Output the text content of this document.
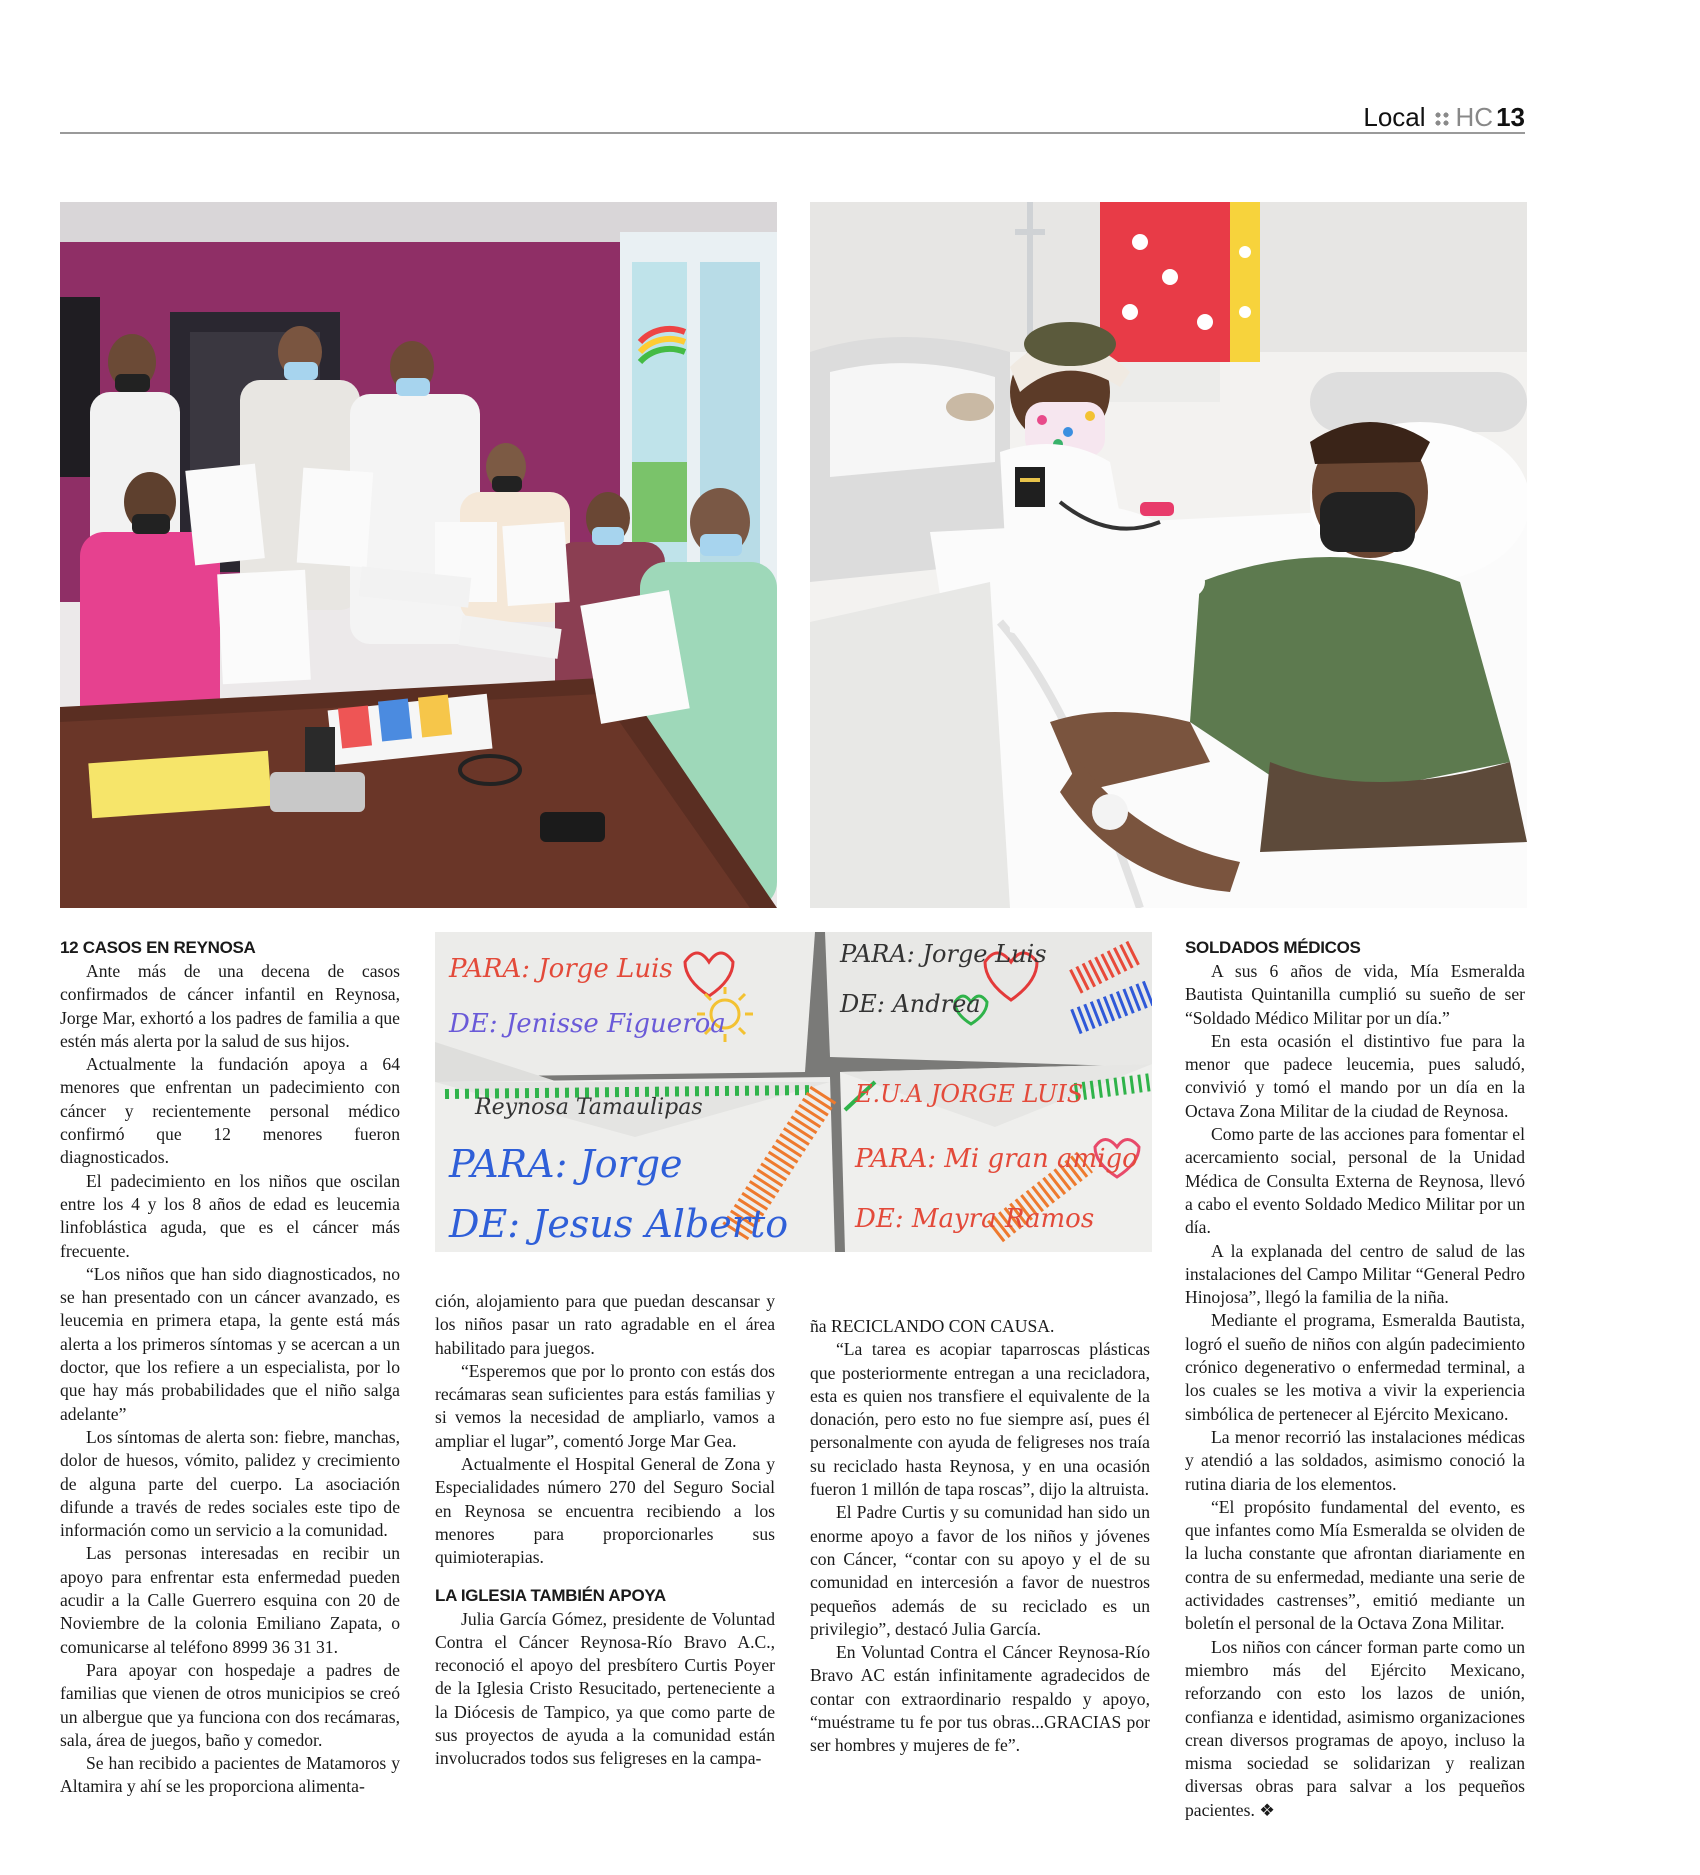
Local HC 13
PARA: Jorge Luis
DE: Jenisse Figueroa
PARA: Jorge Luis
DE: Andrea
Reynosa Tamaulipas
PARA: Jorge
DE: Jesus Alberto
E.U.A JORGE LUIS
PARA: Mi gran amigo
DE: Mayra Ramos
12 CASOS EN REYNOSA

Ante más de una decena de casos confirmados de cáncer infantil en Reynosa, Jorge Mar, exhortó a los padres de familia a que estén más alerta por la salud de sus hijos.

Actualmente la fundación apoya a 64 menores que enfrentan un padecimiento con cáncer y recientemente personal médico confirmó que 12 menores fueron diagnosticados.

El padecimiento en los niños que oscilan entre los 4 y los 8 años de edad es leucemia linfoblástica aguda, que es el cáncer más frecuente.

“Los niños que han sido diagnosticados, no se han presentado con un cáncer avanzado, es leucemia en primera etapa, la gente está más alerta a los primeros síntomas y se acercan a un doctor, que los refiere a un especialista, por lo que hay más probabilidades que el niño salga adelante”

Los síntomas de alerta son: fiebre, manchas, dolor de huesos, vómito, palidez y crecimiento de alguna parte del cuerpo. La asociación difunde a través de redes sociales este tipo de información como un servicio a la comunidad.

Las personas interesadas en recibir un apoyo para enfrentar esta enfermedad pueden acudir a la Calle Guerrero esquina con 20 de Noviembre de la colonia Emiliano Zapata, o comunicarse al teléfono 8999 36 31 31.

Para apoyar con hospedaje a padres de familias que vienen de otros municipios se creó un albergue que ya funciona con dos recámaras, sala, área de juegos, baño y comedor.

Se han recibido a pacientes de Matamoros y Altamira y ahí se les proporciona alimenta-

ción, alojamiento para que puedan descansar y los niños pasar un rato agradable en el área habilitado para juegos.

“Esperemos que por lo pronto con estás dos recámaras sean suficientes para estás familias y si vemos la necesidad de ampliarlo, vamos a ampliar el lugar”, comentó Jorge Mar Gea.

Actualmente el Hospital General de Zona y Especialidades número 270 del Seguro Social en Reynosa se encuentra recibiendo a los menores para proporcionarles sus quimioterapias.

LA IGLESIA TAMBIÉN APOYA

Julia García Gómez, presidente de Voluntad Contra el Cáncer Reynosa-Río Bravo A.C., reconoció el apoyo del presbítero Curtis Poyer de la Iglesia Cristo Resucitado, perteneciente a la Diócesis de Tampico, ya que como parte de sus proyectos de ayuda a la comunidad están involucrados todos sus feligreses en la campa-

ña RECICLANDO CON CAUSA.

“La tarea es acopiar taparroscas plásticas que posteriormente entregan a una recicladora, esta es quien nos transfiere el equivalente de la donación, pero esto no fue siempre así, pues él personalmente con ayuda de feligreses nos traía su reciclado hasta Reynosa, y en una ocasión fueron 1 millón de tapa roscas”, dijo la altruista.

El Padre Curtis y su comunidad han sido un enorme apoyo a favor de los niños y jóvenes con Cáncer, “contar con su apoyo y el de su comunidad en intercesión a favor de nuestros pequeños además de su reciclado es un privilegio”, destacó Julia García.

En Voluntad Contra el Cáncer Reynosa-Río Bravo AC están infinitamente agradecidos de contar con extraordinario respaldo y apoyo, “muéstrame tu fe por tus obras...GRACIAS por ser hombres y mujeres de fe”.

SOLDADOS MÉDICOS

A sus 6 años de vida, Mía Esmeralda Bautista Quintanilla cumplió su sueño de ser “Soldado Médico Militar por un día.”

En esta ocasión el distintivo fue para la menor que padece leucemia, pues saludó, convivió y tomó el mando por un día en la Octava Zona Militar de la ciudad de Reynosa.

Como parte de las acciones para fomentar el acercamiento social, personal de la Unidad Médica de Consulta Externa de Reynosa, llevó a cabo el evento Soldado Medico Militar por un día.

A la explanada del centro de salud de las instalaciones del Campo Militar “General Pedro Hinojosa”, llegó la familia de la niña.

Mediante el programa, Esmeralda Bautista, logró el sueño de niños con algún padecimiento crónico degenerativo o enfermedad terminal, a los cuales se les motiva a vivir la experiencia simbólica de pertenecer al Ejército Mexicano.

La menor recorrió las instalaciones médicas y atendió a las soldados, asimismo conoció la rutina diaria de los elementos.

“El propósito fundamental del evento, es que infantes como Mía Esmeralda se olviden de la lucha constante que afrontan diariamente en contra de su enfermedad, mediante una serie de actividades castrenses”, emitió mediante un boletín el personal de la Octava Zona Militar.

Los niños con cáncer forman parte como un miembro más del Ejército Mexicano, reforzando con esto los lazos de unión, confianza e identidad, asimismo organizaciones crean diversos programas de apoyo, incluso la misma sociedad se solidarizan y realizan diversas obras para salvar a los pequeños pacientes. ❖
